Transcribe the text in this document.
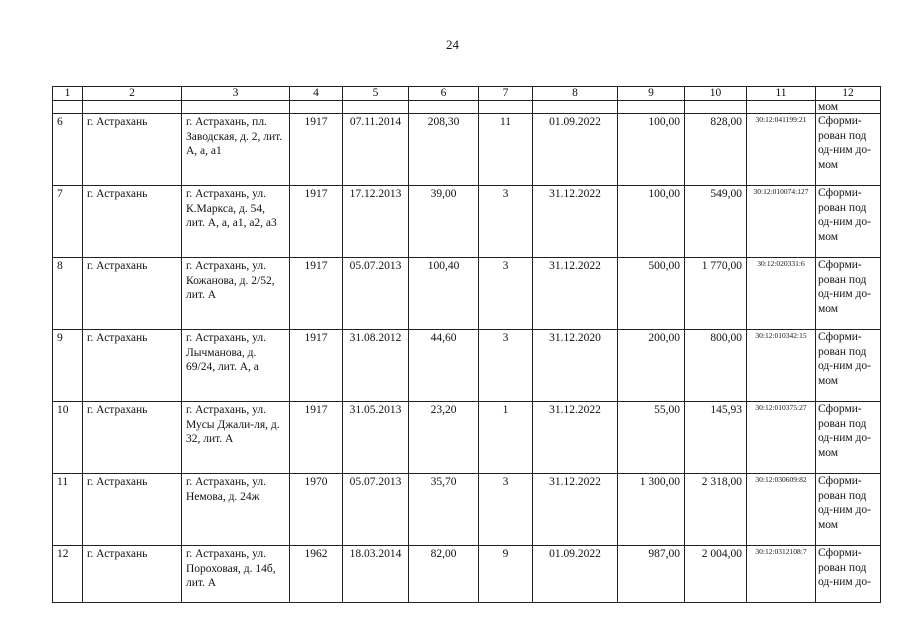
24
1	2	3	4	5	6	7	8	9	10	11	12
											мом
6	г. Астрахань	г. Астрахань, пл. Заводская, д. 2, лит. А, а, а1	1917	07.11.2014	208,30	11	01.09.2022	100,00	828,00	30:12:041199:21	Сформи-рован под од-ним до-мом
7	г. Астрахань	г. Астрахань, ул. К.Маркса, д. 54, лит. А, а, а1, а2, а3	1917	17.12.2013	39,00	3	31.12.2022	100,00	549,00	30:12:010074:127	Сформи-рован под од-ним до-мом
8	г. Астрахань	г. Астрахань, ул. Кожанова, д. 2/52, лит. А	1917	05.07.2013	100,40	3	31.12.2022	500,00	1 770,00	30:12:020331:6	Сформи-рован под од-ним до-мом
9	г. Астрахань	г. Астрахань, ул. Лычманова, д. 69/24, лит. А, а	1917	31.08.2012	44,60	3	31.12.2020	200,00	800,00	30:12:010342:15	Сформи-рован под од-ним до-мом
10	г. Астрахань	г. Астрахань, ул. Мусы Джали-ля, д. 32, лит. А	1917	31.05.2013	23,20	1	31.12.2022	55,00	145,93	30:12:010375:27	Сформи-рован под од-ним до-мом
11	г. Астрахань	г. Астрахань, ул. Немова, д. 24ж	1970	05.07.2013	35,70	3	31.12.2022	1 300,00	2 318,00	30:12:030609:82	Сформи-рован под од-ним до-мом
12	г. Астрахань	г. Астрахань, ул. Пороховая, д. 14б, лит. А	1962	18.03.2014	82,00	9	01.09.2022	987,00	2 004,00	30:12:0312108:7	Сформи-рован под од-ним до-
